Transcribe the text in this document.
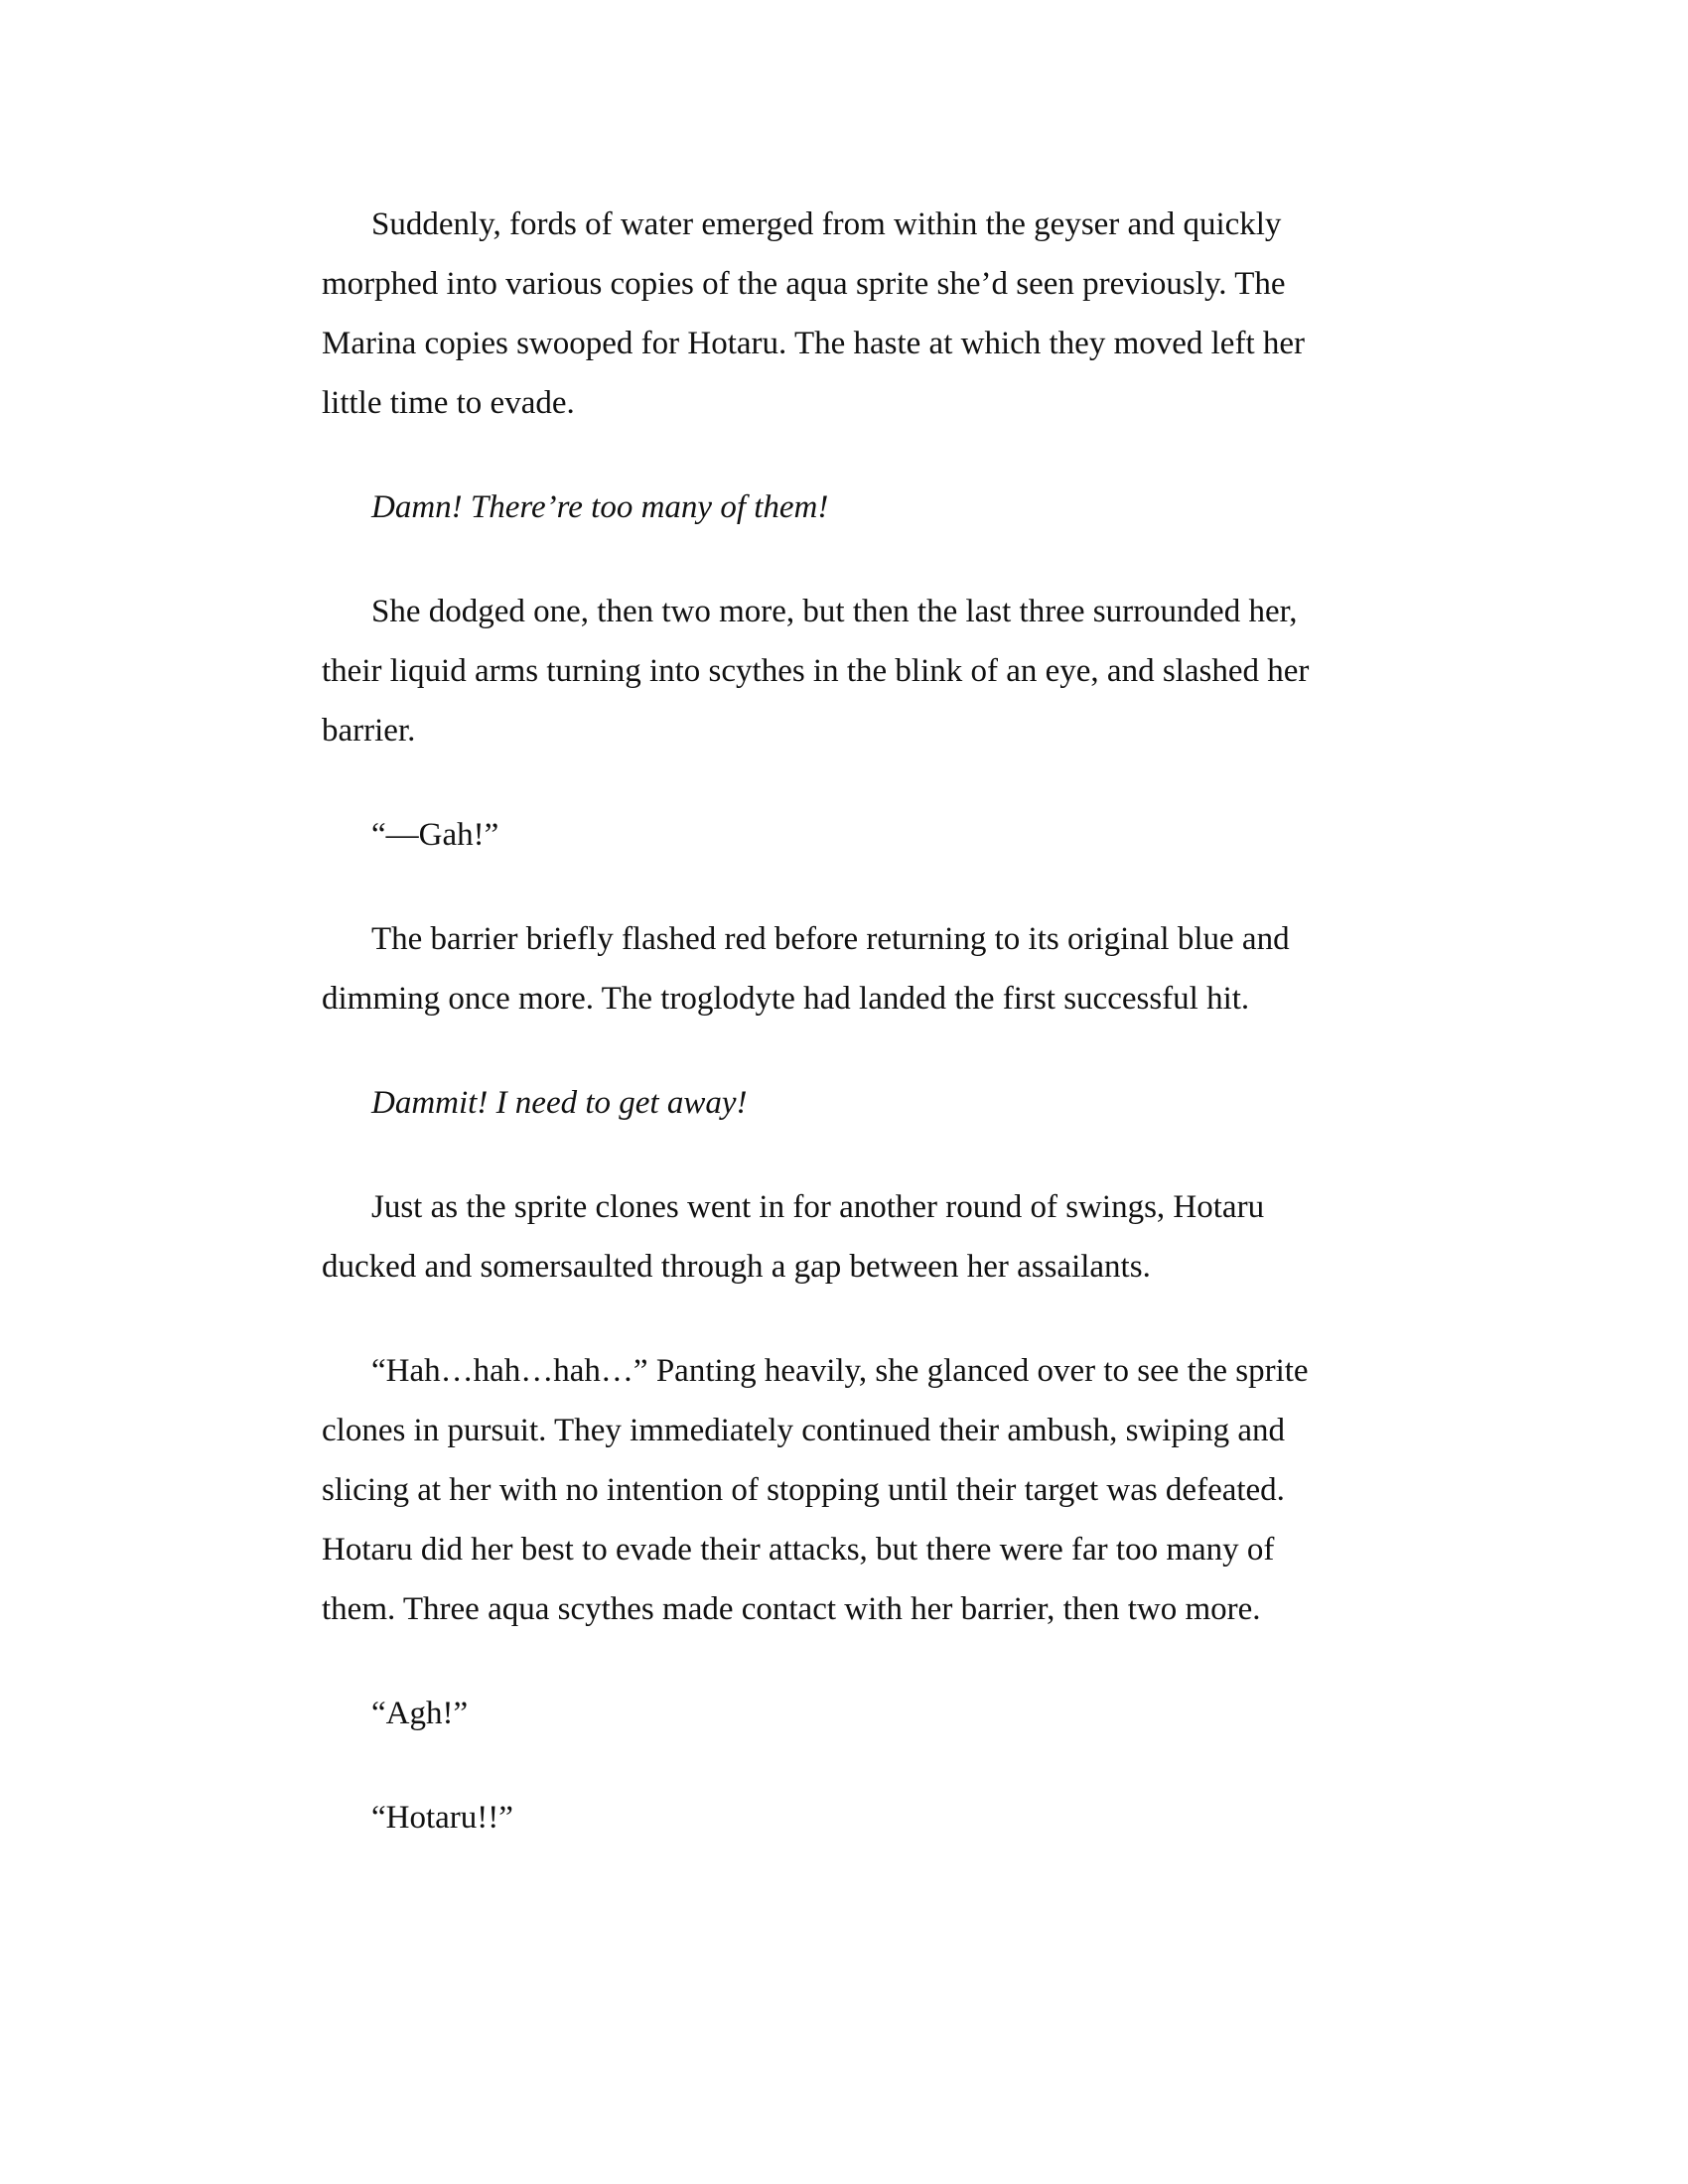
Suddenly, fords of water emerged from within the geyser and quickly morphed into various copies of the aqua sprite she’d seen previously. The Marina copies swooped for Hotaru. The haste at which they moved left her little time to evade.

Damn! There’re too many of them!

She dodged one, then two more, but then the last three surrounded her, their liquid arms turning into scythes in the blink of an eye, and slashed her barrier.

“—Gah!”

The barrier briefly flashed red before returning to its original blue and dimming once more. The troglodyte had landed the first successful hit.

Dammit! I need to get away!

Just as the sprite clones went in for another round of swings, Hotaru ducked and somersaulted through a gap between her assailants.

“Hah…hah…hah…” Panting heavily, she glanced over to see the sprite clones in pursuit. They immediately continued their ambush, swiping and slicing at her with no intention of stopping until their target was defeated. Hotaru did her best to evade their attacks, but there were far too many of them. Three aqua scythes made contact with her barrier, then two more.

“Agh!”

“Hotaru!!”
